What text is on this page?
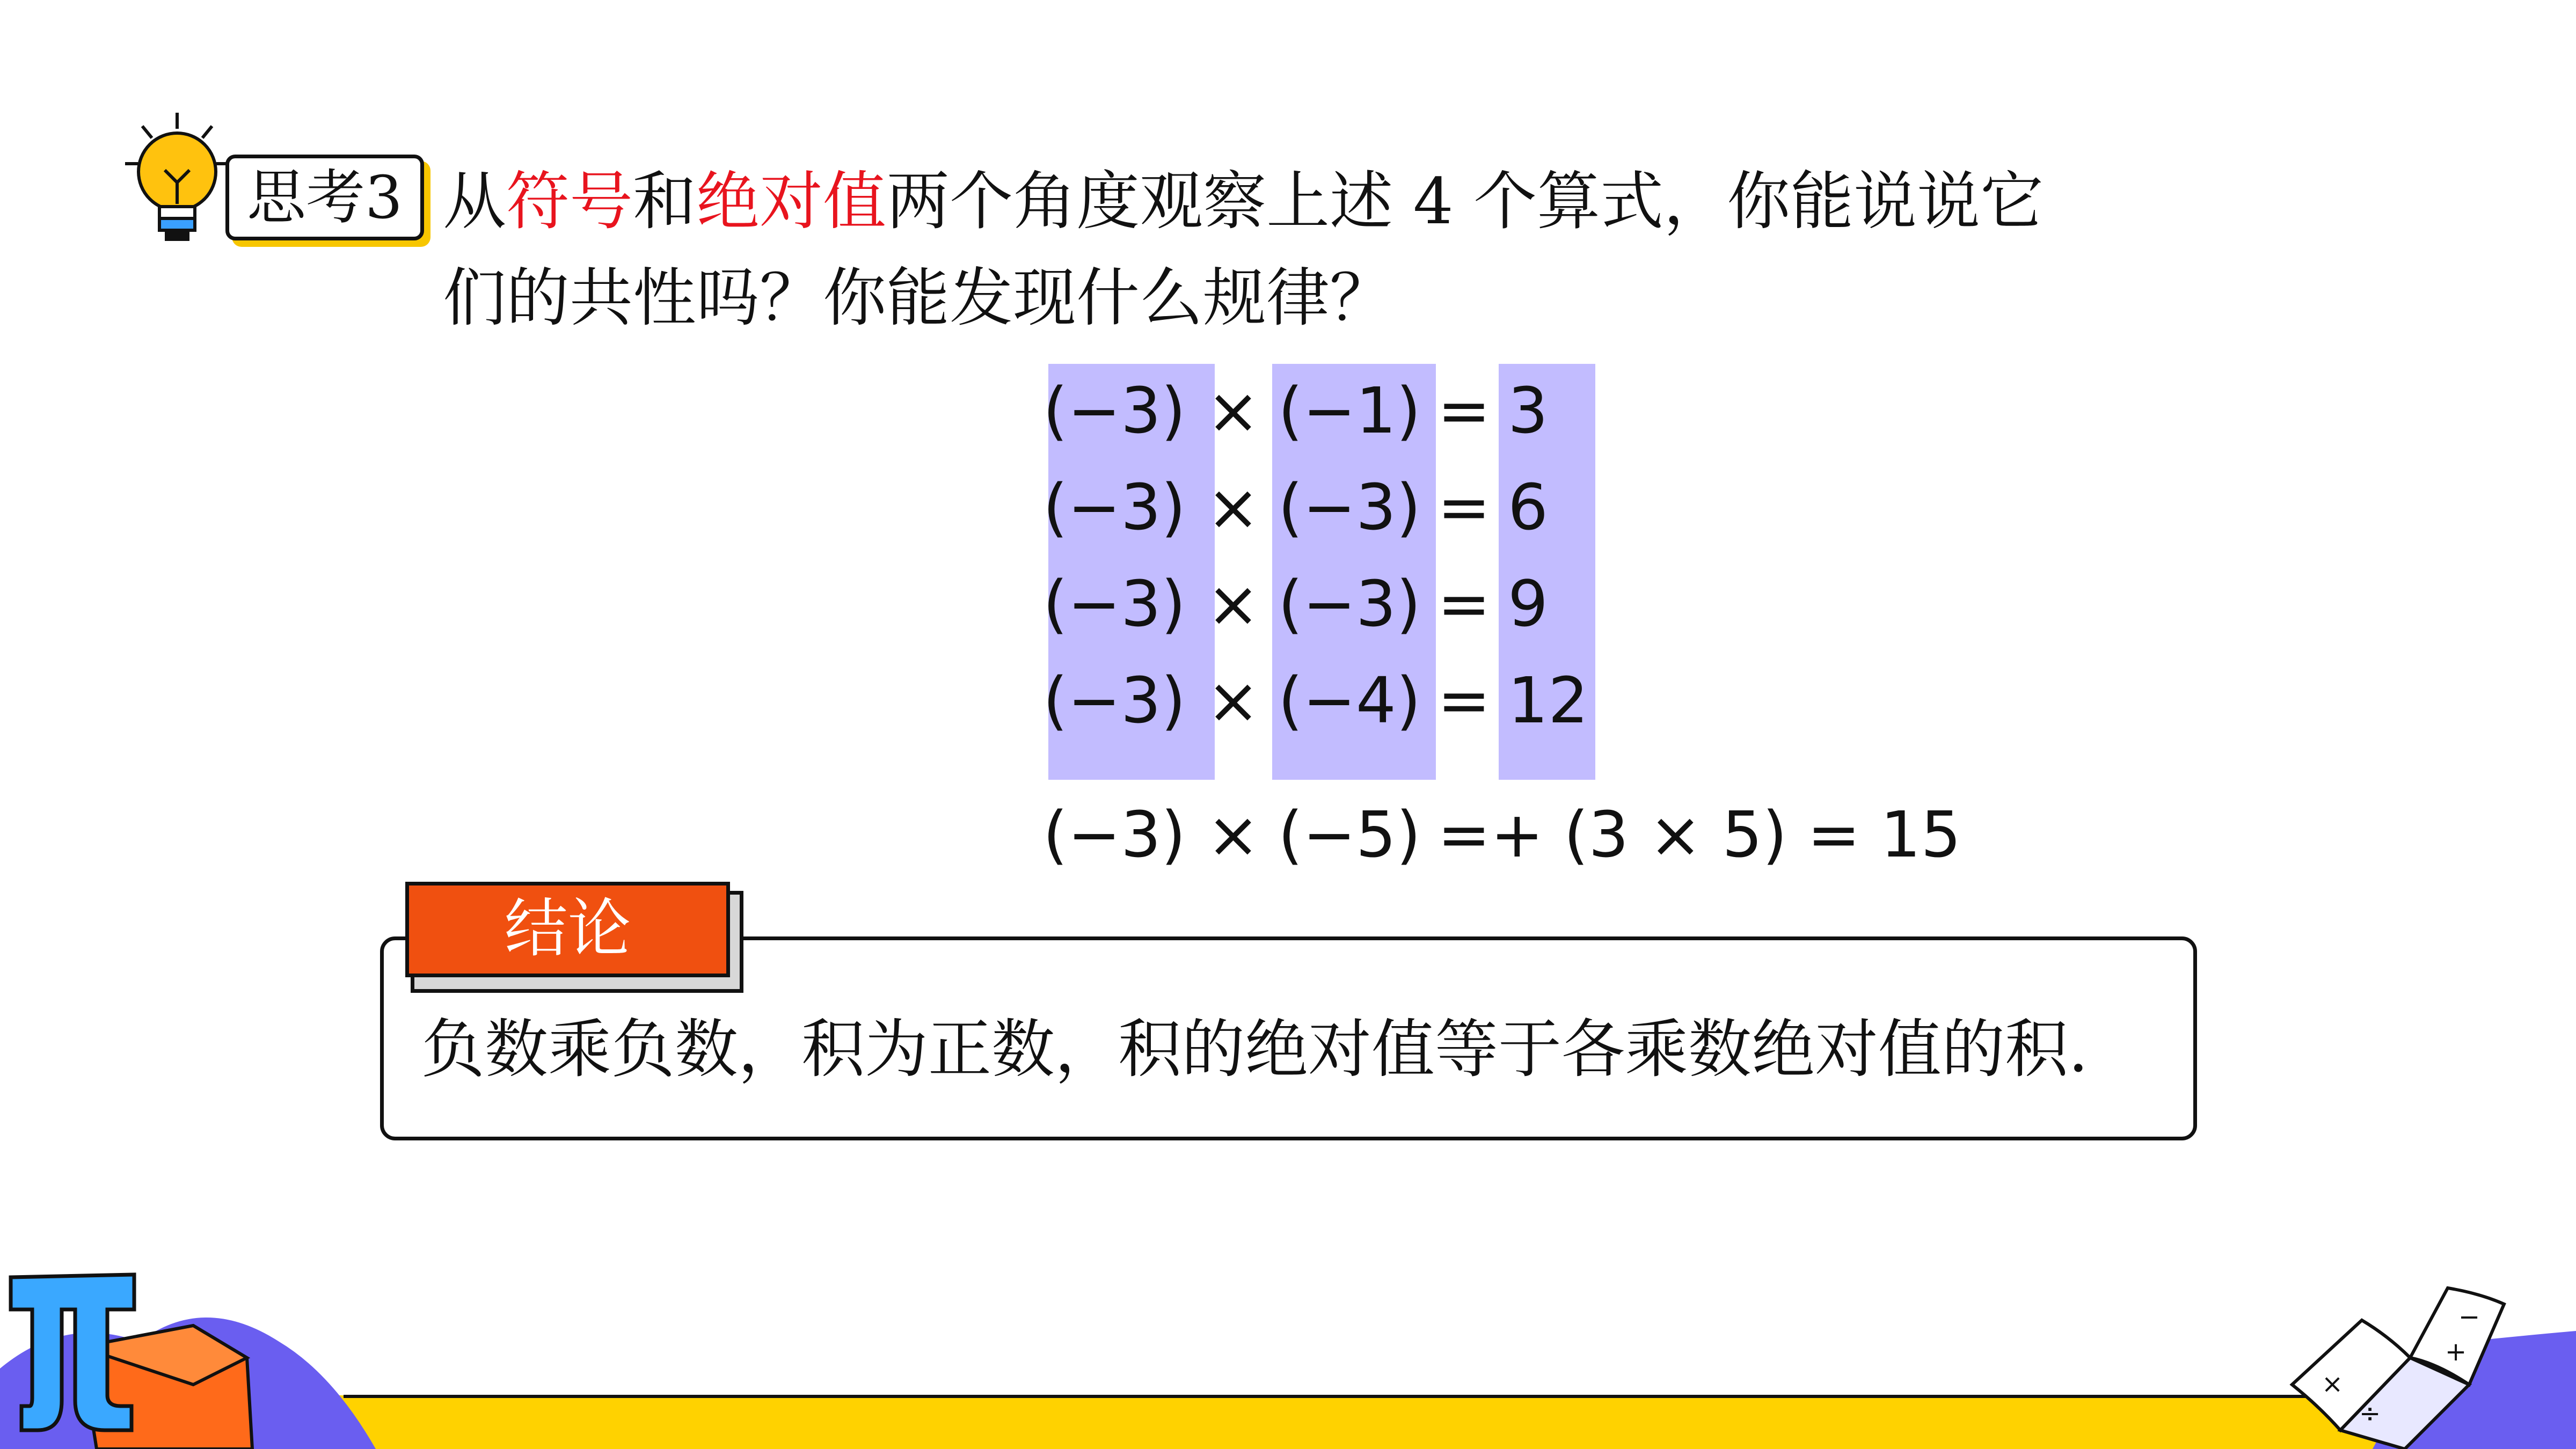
思考3 从符号和绝对值两个角度观察上述 4 个算式，你能说说它
们的共性吗？你能发现什么规律？
(−3) × (−1) = 3
(−3) × (−3) = 6
(−3) × (−3) = 9
(−3) × (−4) = 12
(−3) × (−5) =+ (3 × 5) = 15
负数乘负数，积为正数，积的绝对值等于各乘数绝对值的积.
结论
×
÷
−
+
